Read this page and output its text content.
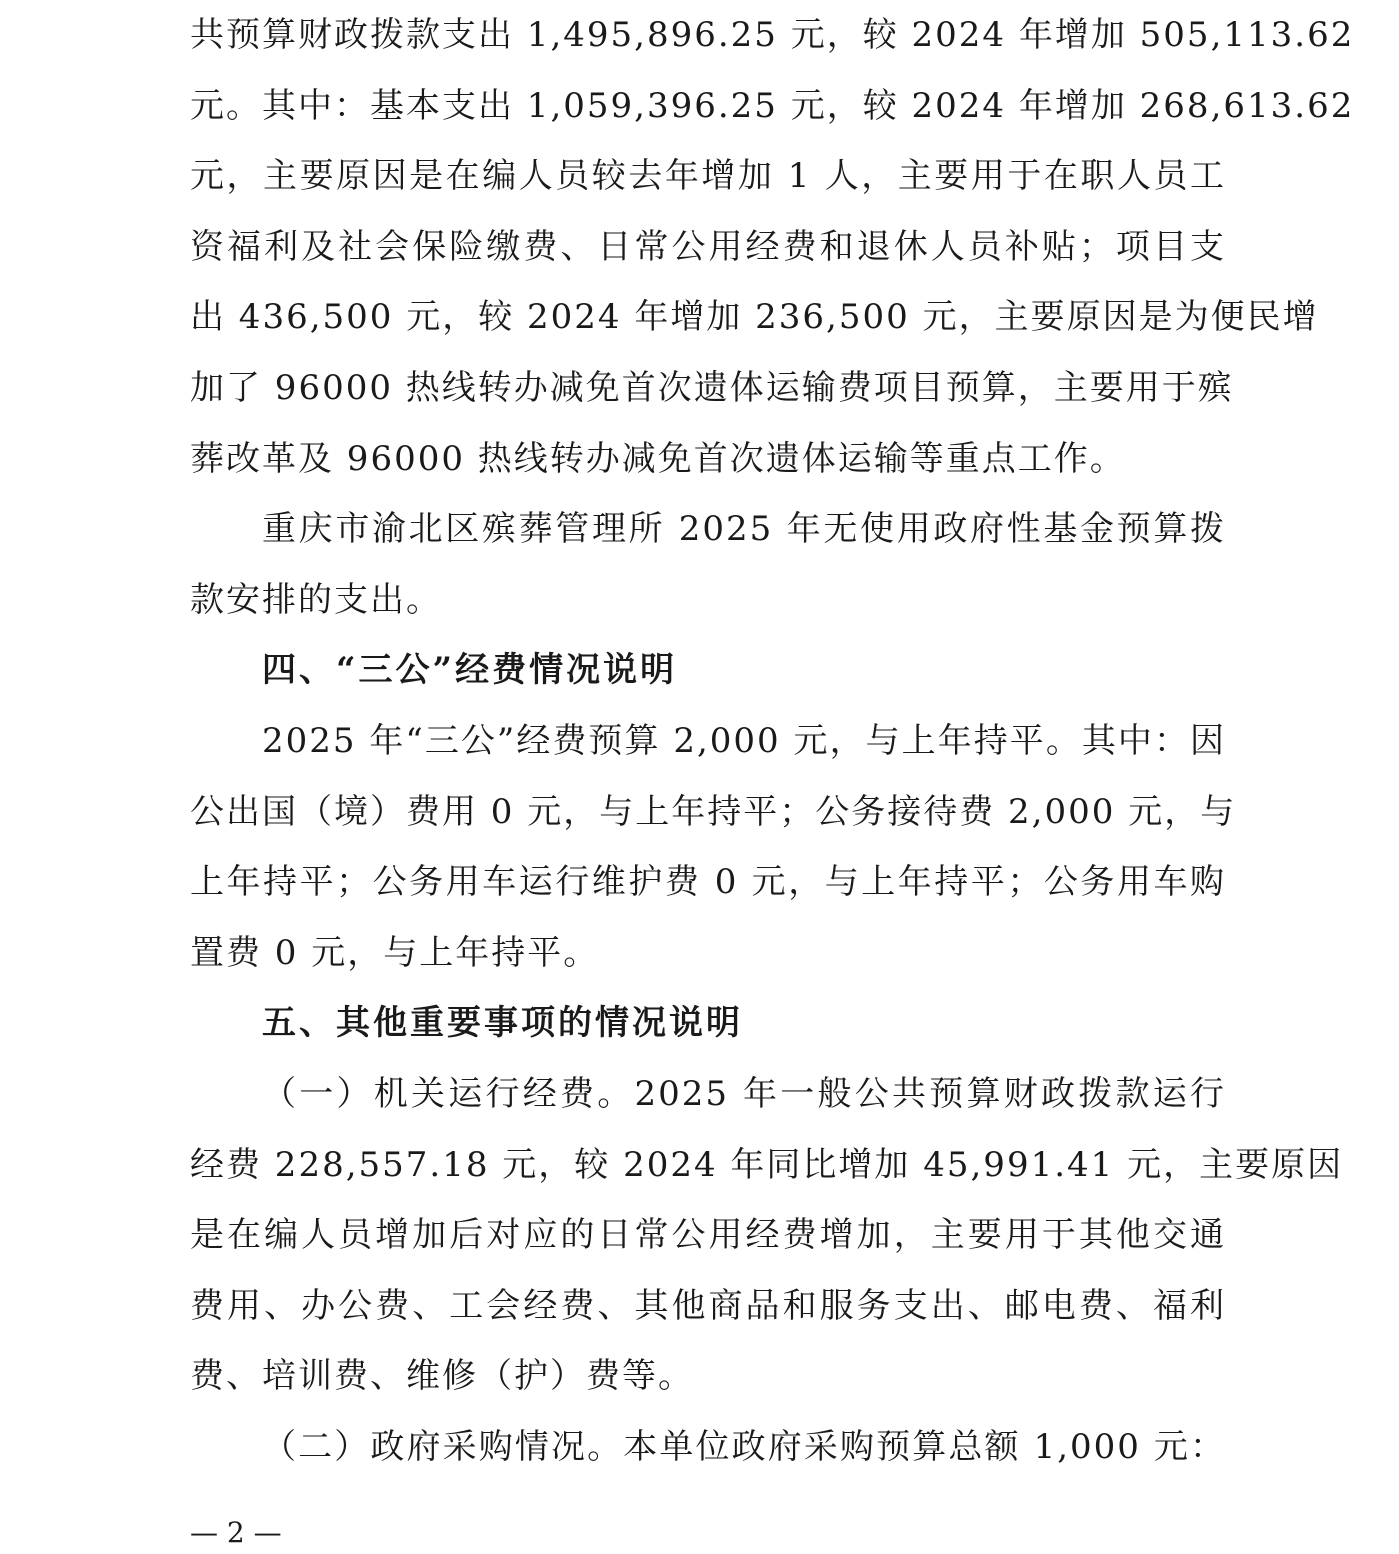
共预算财政拨款支出 1,495,896.25 元，较 2024 年增加 505,113.62
元。其中：基本支出 1,059,396.25 元，较 2024 年增加 268,613.62
元，主要原因是在编人员较去年增加 1 人，主要用于在职人员工
资福利及社会保险缴费、日常公用经费和退休人员补贴；项目支
出 436,500 元，较 2024 年增加 236,500 元，主要原因是为便民增
加了 96000 热线转办减免首次遗体运输费项目预算，主要用于殡
葬改革及 96000 热线转办减免首次遗体运输等重点工作。
重庆市渝北区殡葬管理所 2025 年无使用政府性基金预算拨
款安排的支出。
四、“三公”经费情况说明
2025 年“三公”经费预算 2,000 元，与上年持平。其中：因
公出国（境）费用 0 元，与上年持平；公务接待费 2,000 元，与
上年持平；公务用车运行维护费 0 元，与上年持平；公务用车购
置费 0 元，与上年持平。
五、其他重要事项的情况说明
（一）机关运行经费。2025 年一般公共预算财政拨款运行
经费 228,557.18 元，较 2024 年同比增加 45,991.41 元，主要原因
是在编人员增加后对应的日常公用经费增加，主要用于其他交通
费用、办公费、工会经费、其他商品和服务支出、邮电费、福利
费、培训费、维修（护）费等。
（二）政府采购情况。本单位政府采购预算总额 1,000 元：
— 2 —
